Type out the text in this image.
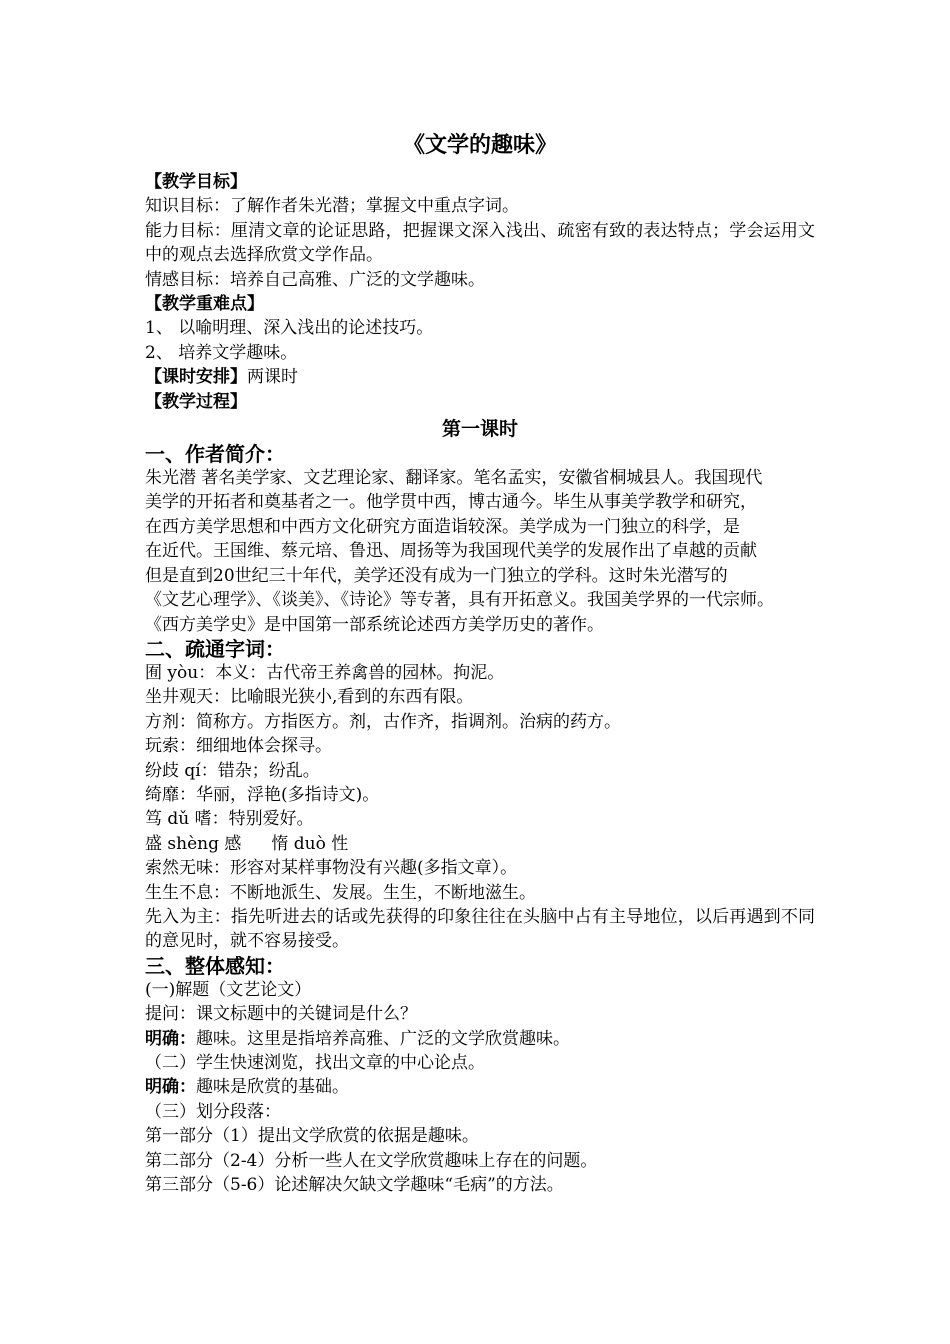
《文学的趣味》

【教学目标】

知识目标：了解作者朱光潜；掌握文中重点字词。

能力目标：厘清文章的论证思路，把握课文深入浅出、疏密有致的表达特点；学会运用文中的观点去选择欣赏文学作品。

情感目标：培养自己高雅、广泛的文学趣味。

【教学重难点】

1、 以喻明理、深入浅出的论述技巧。

2、 培养文学趣味。

【课时安排】两课时

【教学过程】

第一课时

一、作者简介：

朱光潜 著名美学家、文艺理论家、翻译家。笔名孟实，安徽省桐城县人。我国现代

美学的开拓者和奠基者之一。他学贯中西，博古通今。毕生从事美学教学和研究，

在西方美学思想和中西方文化研究方面造诣较深。美学成为一门独立的科学，是

在近代。王国维、蔡元培、鲁迅、周扬等为我国现代美学的发展作出了卓越的贡献

但是直到20世纪三十年代，美学还没有成为一门独立的学科。这时朱光潜写的

《文艺心理学》、《谈美》、《诗论》等专著，具有开拓意义。我国美学界的一代宗师。

《西方美学史》是中国第一部系统论述西方美学历史的著作。

二、疏通字词：

囿 yòu：本义：古代帝王养禽兽的园林。拘泥。

坐井观天：比喻眼光狭小,看到的东西有限。

方剂：简称方。方指医方。剂，古作齐，指调剂。治病的药方。

玩索：细细地体会探寻。

纷歧 qí：错杂；纷乱。

绮靡：华丽，浮艳(多指诗文)。

笃 dǔ 嗜：特别爱好。

盛 shèng 感 惰 duò 性

索然无味：形容对某样事物没有兴趣(多指文章）。

生生不息：不断地派生、发展。生生，不断地滋生。

先入为主：指先听进去的话或先获得的印象往往在头脑中占有主导地位，以后再遇到不同的意见时，就不容易接受。

三、整体感知：

(一)解题（文艺论文）

提问：课文标题中的关键词是什么？

明确：趣味。这里是指培养高雅、广泛的文学欣赏趣味。

（二）学生快速浏览，找出文章的中心论点。

明确：趣味是欣赏的基础。

（三）划分段落：

第一部分（1）提出文学欣赏的依据是趣味。

第二部分（2-4）分析一些人在文学欣赏趣味上存在的问题。

第三部分（5-6）论述解决欠缺文学趣味“毛病”的方法。
